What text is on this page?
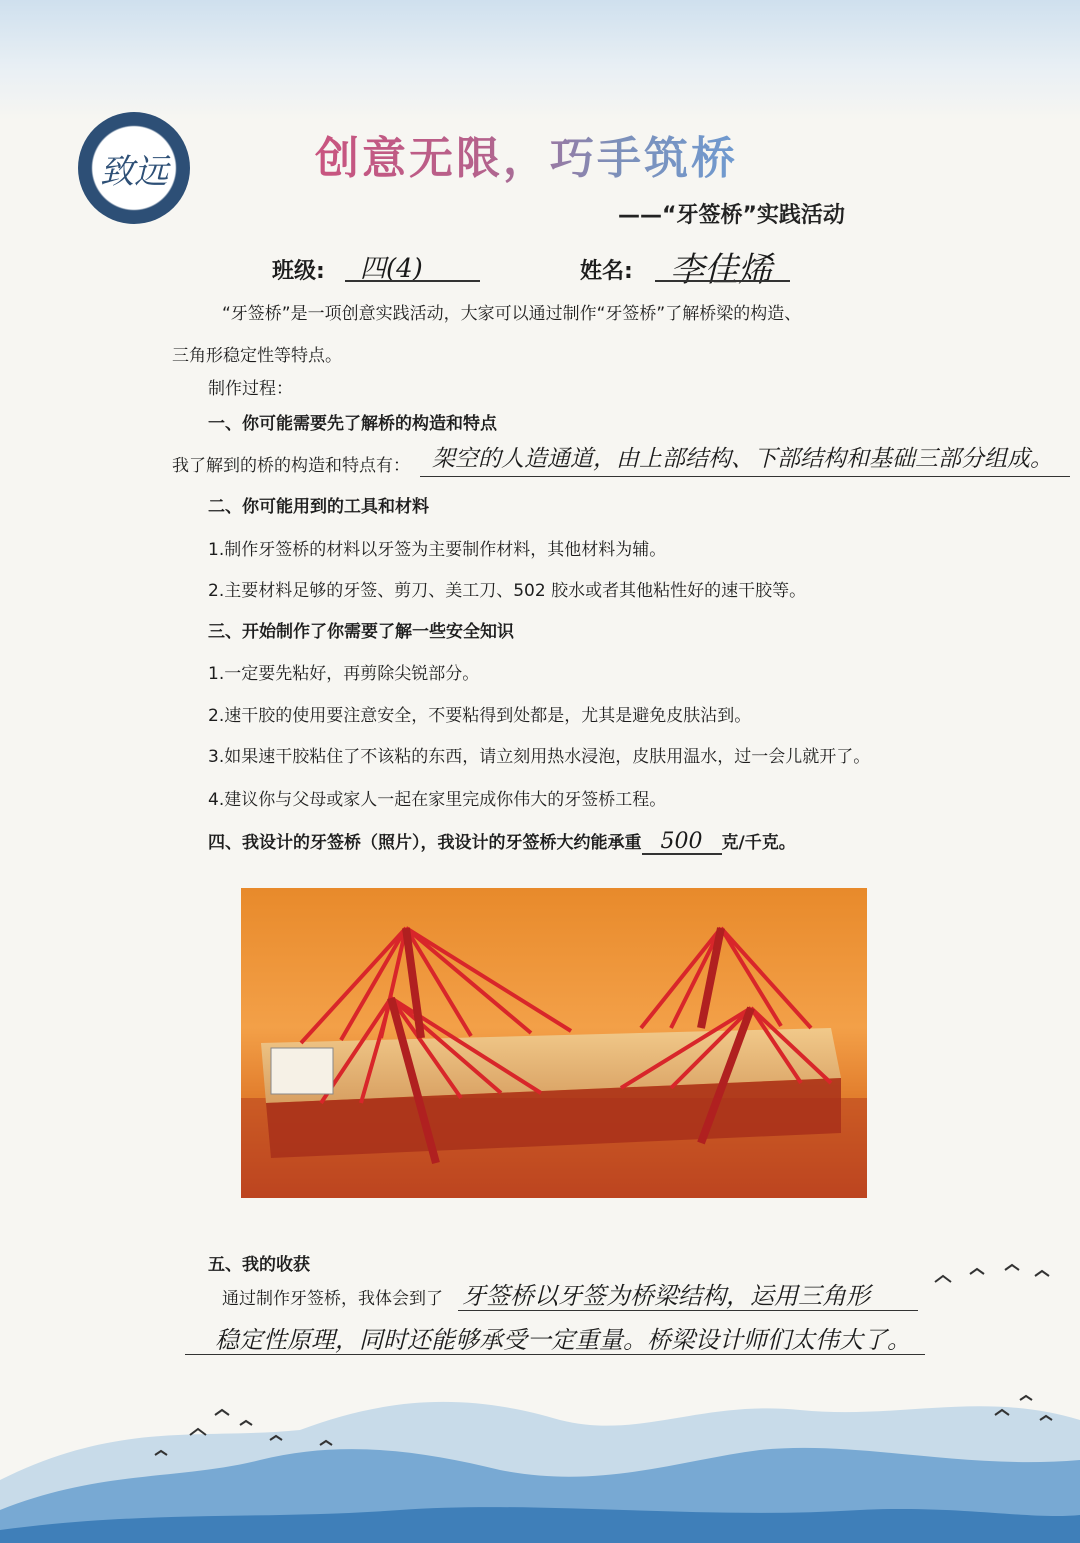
致远	创意无限，巧手筑桥
——“牙签桥”实践活动
班级: 四(4)	姓名: 李佳烯
“牙签桥”是一项创意实践活动，大家可以通过制作“牙签桥”了解桥梁的构造、
三角形稳定性等特点。
制作过程：
一、你可能需要先了解桥的构造和特点
我了解到的桥的构造和特点有： 架空的人造通道，由上部结构、下部结构和基础三部分组成。
二、你可能用到的工具和材料
1.制作牙签桥的材料以牙签为主要制作材料，其他材料为辅。
2.主要材料足够的牙签、剪刀、美工刀、502 胶水或者其他粘性好的速干胶等。
三、开始制作了你需要了解一些安全知识
1.一定要先粘好，再剪除尖锐部分。
2.速干胶的使用要注意安全，不要粘得到处都是，尤其是避免皮肤沾到。
3.如果速干胶粘住了不该粘的东西，请立刻用热水浸泡，皮肤用温水，过一会儿就开了。
4.建议你与父母或家人一起在家里完成你伟大的牙签桥工程。
四、我设计的牙签桥（照片），我设计的牙签桥大约能承重 500 克/千克。
五、我的收获
通过制作牙签桥，我体会到了 牙签桥以牙签为桥梁结构，运用三角形
稳定性原理，同时还能够承受一定重量。桥梁设计师们太伟大了。
